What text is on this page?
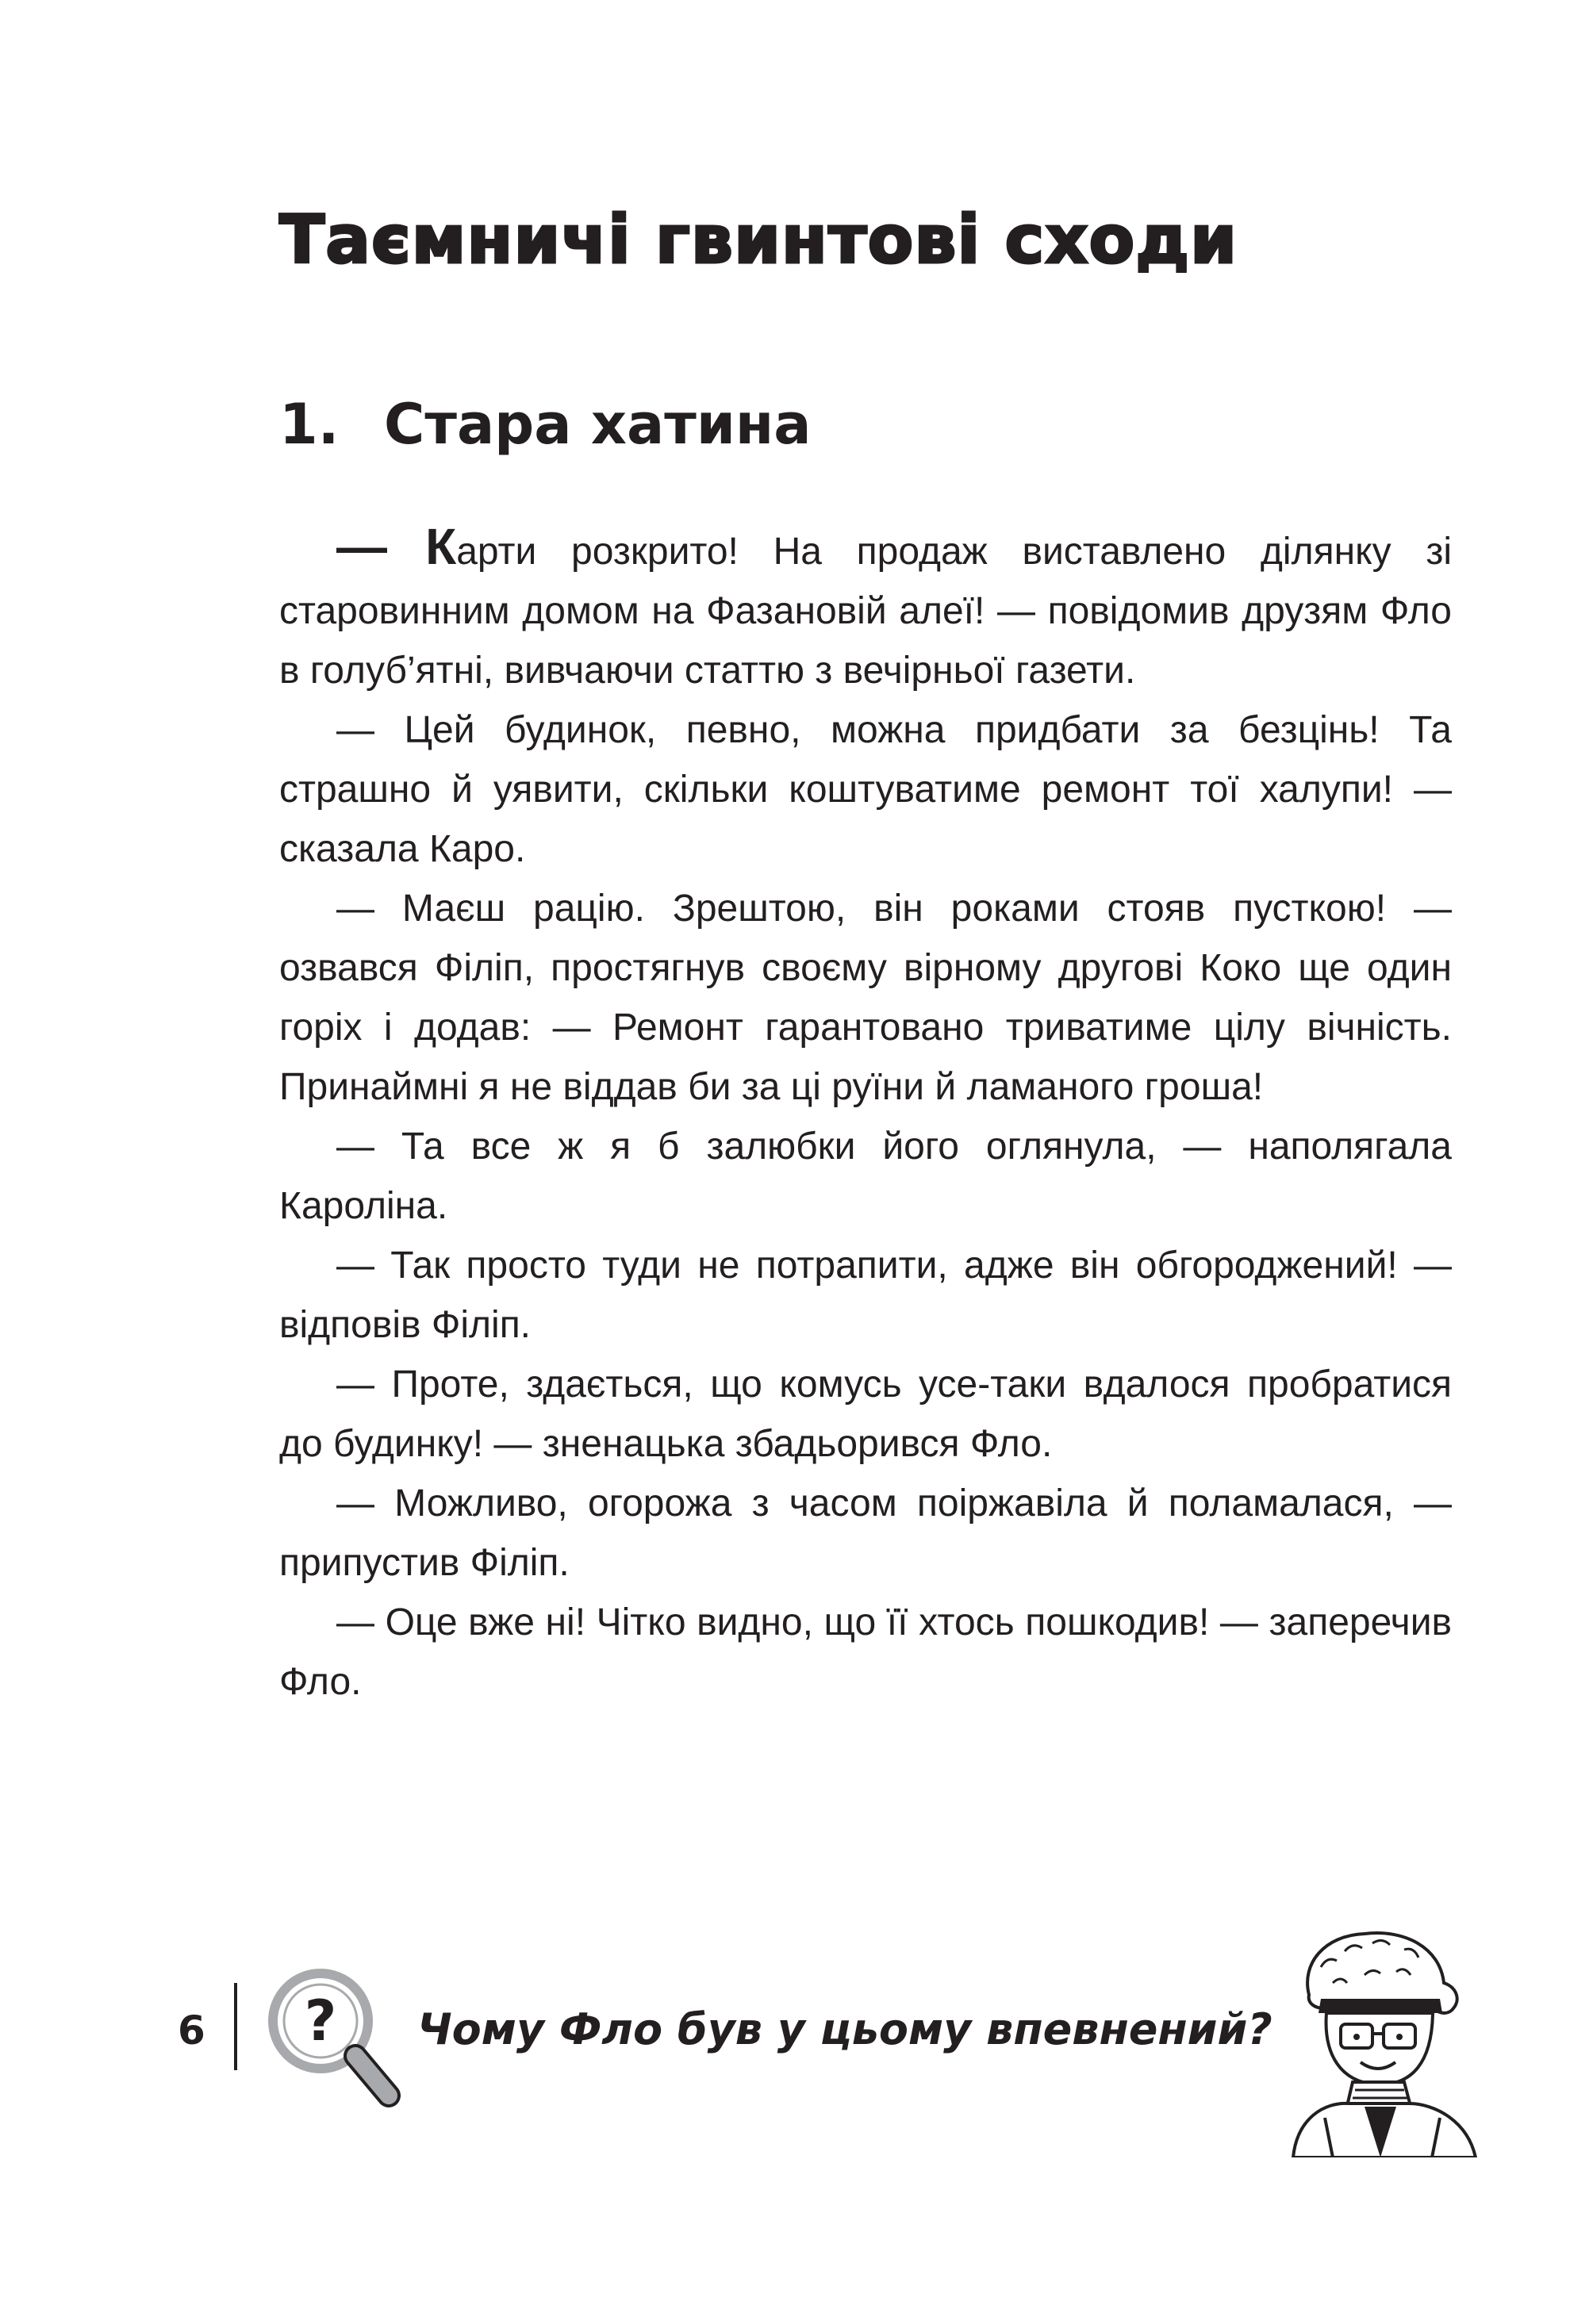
Таємничі гвинтові сходи
1. Стара хатина

— Карти розкрито! На продаж виставлено ділянку зі старовинним домом на Фазановій алеї! — повідомив друзям Фло в голуб’ятні, вивчаючи статтю з вечірньої газети.

— Цей будинок, певно, можна придбати за безцінь! Та страшно й уявити, скільки коштуватиме ремонт тої халупи! — сказала Каро.

— Маєш рацію. Зрештою, він роками стояв пусткою! — озвався Філіп, простягнув своєму вірному другові Коко ще один горіх і додав: — Ремонт гарантовано триватиме цілу вічність. Принаймні я не віддав би за ці руїни й ламаного гроша!

— Та все ж я б залюбки його оглянула, — наполягала Кароліна.

— Так просто туди не потрапити, адже він обгороджений! — відповів Філіп.

— Проте, здається, що комусь усе-таки вдалося пробратися до будинку! — зненацька збадьорився Фло.

— Можливо, огорожа з часом поіржавіла й поламалася, — припустив Філіп.

— Оце вже ні! Чітко видно, що її хтось пошкодив! — заперечив Фло.

6 ? Чому Фло був у цьому впевнений?
